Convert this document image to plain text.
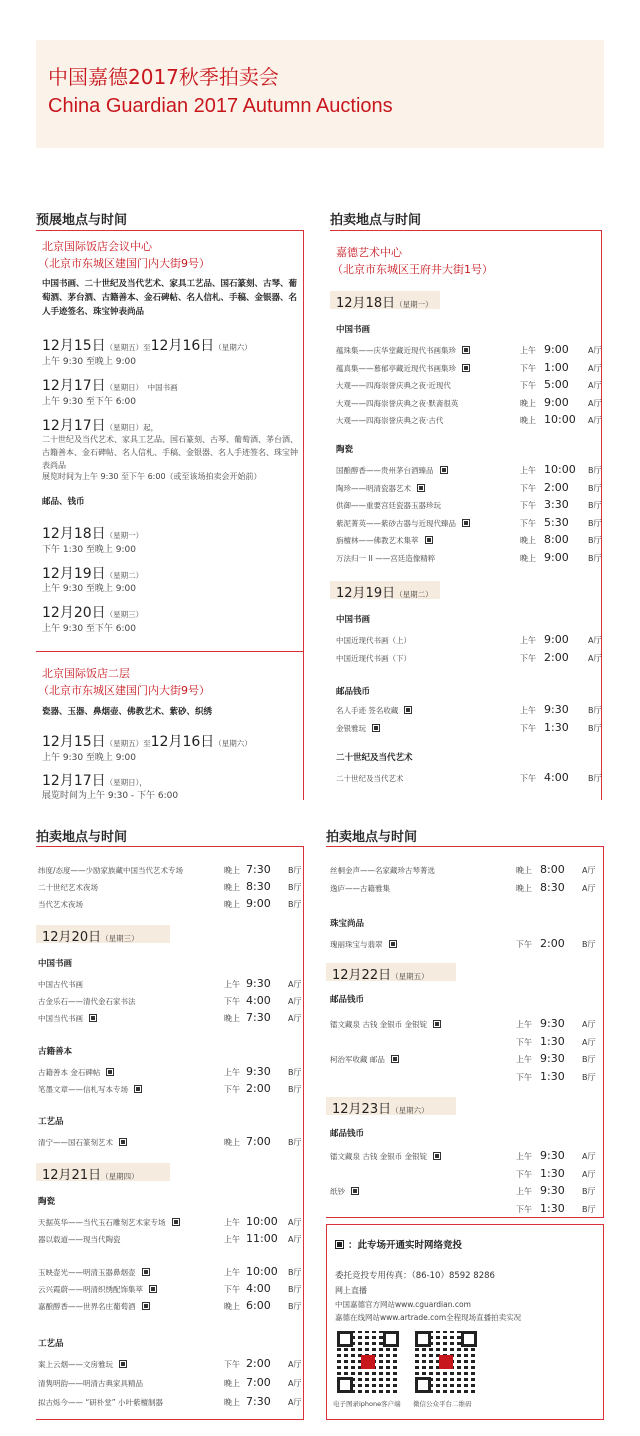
中国嘉德2017秋季拍卖会
China Guardian 2017 Autumn Auctions
预展地点与时间
北京国际饭店会议中心
（北京市东城区建国门内大街9号）
中国书画、二十世纪及当代艺术、家具工艺品、国石篆刻、古琴、葡萄酒、茅台酒、古籍善本、金石碑帖、名人信札、手稿、金银器、名人手迹签名、珠宝钟表尚品
12月15日（星期五）至12月16日（星期六）
上午 9:30 至晚上 9:00
12月17日（星期日） 中国书画
上午 9:30 至下午 6:00
12月17日（星期日）起，
二十世纪及当代艺术、家具工艺品、国石篆刻、古琴、葡萄酒、茅台酒、古籍善本、金石碑帖、名人信札、手稿、金银器、名人手迹签名、珠宝钟表尚品
展览时间为上午 9:30 至下午 6:00（或至该场拍卖会开始前）
邮品、钱币
12月18日（星期一）
下午 1:30 至晚上 9:00
12月19日（星期二）
上午 9:30 至晚上 9:00
12月20日（星期三）
上午 9:30 至下午 6:00
北京国际饭店二层
（北京市东城区建国门内大街9号）
瓷器、玉器、鼻烟壶、佛教艺术、紫砂、织绣
12月15日（星期五）至12月16日（星期六）
上午 9:30 至晚上 9:00
12月17日（星期日），
展览时间为上午 9:30 - 下午 6:00
拍卖地点与时间
嘉德艺术中心
（北京市东城区王府井大街1号）
12月18日（星期一）
中国书画
蕴珠集——庆华堂藏近现代书画集珍	上午 9:00 A厅
蕴真集——慕郁亭藏近现代书画集珍	下午 1:00 A厅
大观——四海崇誉庆典之夜·近现代	下午 5:00 A厅
大观——四海崇誉庆典之夜·默斋很英	晚上 9:00 A厅
大观——四海崇誉庆典之夜·古代	晚上 10:00 A厅
陶瓷
国酿醇香——贵州茅台酒臻品	上午 10:00 B厅
陶珍——明清瓷器艺术	下午 2:00 B厅
供御——重要宫廷瓷器玉器珍玩	下午 3:30 B厅
紫泥菁英——紫砂古器与近现代臻品	下午 5:30 B厅
旃檀林——佛教艺术集萃	晚上 8:00 B厅
万法归一 II ——宫廷造像精粹	晚上 9:00 B厅
12月19日（星期二）
中国书画
中国近现代书画（上）	上午 9:00 A厅
中国近现代书画（下）	下午 2:00 A厅
邮品钱币
名人手迹 签名收藏	上午 9:30 B厅
金银雅玩	下午 1:30 B厅
二十世纪及当代艺术
二十世纪及当代艺术	下午 4:00 B厅
拍卖地点与时间
纬度/态度——少励家族藏中国当代艺术专场	晚上 7:30 B厅
二十世纪艺术夜场	晚上 8:30 B厅
当代艺术夜场	晚上 9:00 B厅
12月20日（星期三）
中国书画
中国古代书画	上午 9:30 A厅
古金乐石——清代金石家书法	下午 4:00 A厅
中国当代书画	晚上 7:30 A厅
古籍善本
古籍善本 金石碑帖	上午 9:30 B厅
笔墨文章——信札写本专场	下午 2:00 B厅
工艺品
清宁——国石篆刻艺术	晚上 7:00 B厅
12月21日（星期四）
陶瓷
天据英华——当代玉石雕刻艺术家专场	上午 10:00 A厅
器以载道——现当代陶瓷	上午 11:00 A厅
玉映壶光——明清玉器鼻烟壶	上午 10:00 B厅
云兴霞蔚——明清织绣配饰集萃	下午 4:00 B厅
嘉酿醇香——世界名庄葡萄酒	晚上 6:00 B厅
工艺品
案上云烟——文房雅玩	下午 2:00 A厅
清隽明韵——明清古典家具精品	晚上 7:00 A厅
拟古烁今—— “研朴堂” 小叶紫檀制器	晚上 7:30 A厅
拍卖地点与时间
丝桐金声——名家藏珍古琴菁选	晚上 8:00 A厅
逸庐——古籍雅集	晚上 8:30 A厅
珠宝尚品
瑰丽珠宝与翡翠	下午 2:00 B厅
12月22日（星期五）
邮品钱币
镭文藏泉 古钱 金银币 金银锭	上午 9:30 A厅
下午 1:30 A厅
柯治军收藏 邮品	上午 9:30 B厅
下午 1:30 B厅
12月23日（星期六）
邮品钱币
镭文藏泉 古钱 金银币 金银锭	上午 9:30 A厅
下午 1:30 A厅
纸钞	上午 9:30 B厅
下午 1:30 B厅
：此专场开通实时网络竞投
委托竞投专用传真：（86-10）8592 8286
网上直播
中国嘉德官方网站www.cguardian.com
嘉德在线网站www.artrade.com全程现场直播拍卖实况
电子图录iphone客户端 微信公众平台二维码
